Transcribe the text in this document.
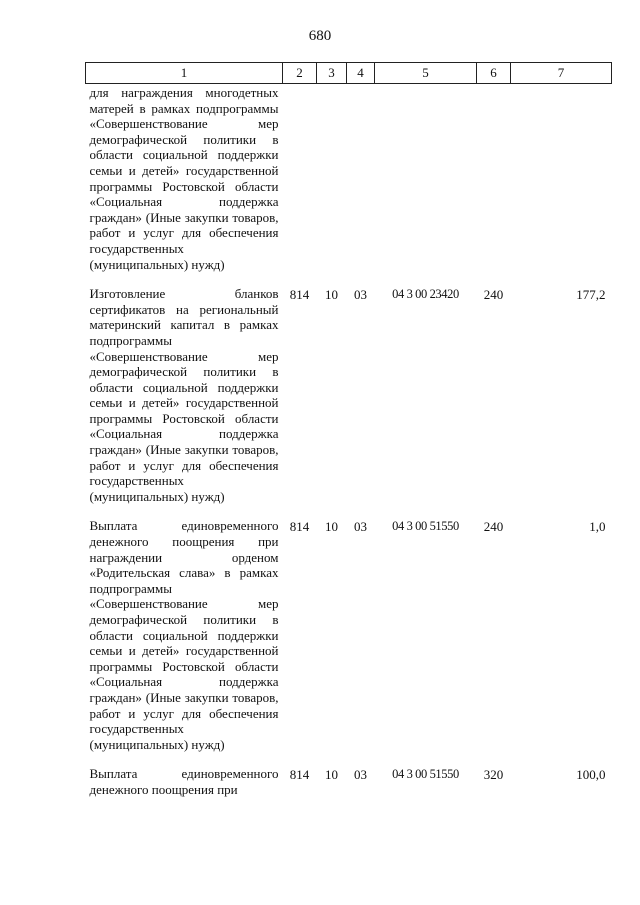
680
1	2	3	4	5	6	7
для награждения многодетных матерей в рамках подпрограммы «Совершенствование мер демографической политики в области социальной поддержки семьи и детей» государственной программы Ростовской области «Социальная поддержка граждан» (Иные закупки товаров, работ и услуг для обеспечения государственных (муниципальных) нужд)						
Изготовление бланков сертификатов на региональный материнский капитал в рамках подпрограммы «Совершенствование мер демографической политики в области социальной поддержки семьи и детей» государственной программы Ростовской области «Социальная поддержка граждан» (Иные закупки товаров, работ и услуг для обеспечения государственных (муниципальных) нужд)	814	10	03	04 3 00 23420	240	177,2
Выплата единовременного денежного поощрения при награждении орденом «Родительская слава» в рамках подпрограммы «Совершенствование мер демографической политики в области социальной поддержки семьи и детей» государственной программы Ростовской области «Социальная поддержка граждан» (Иные закупки товаров, работ и услуг для обеспечения государственных (муниципальных) нужд)	814	10	03	04 3 00 51550	240	1,0
Выплата единовременного денежного поощрения при	814	10	03	04 3 00 51550	320	100,0
